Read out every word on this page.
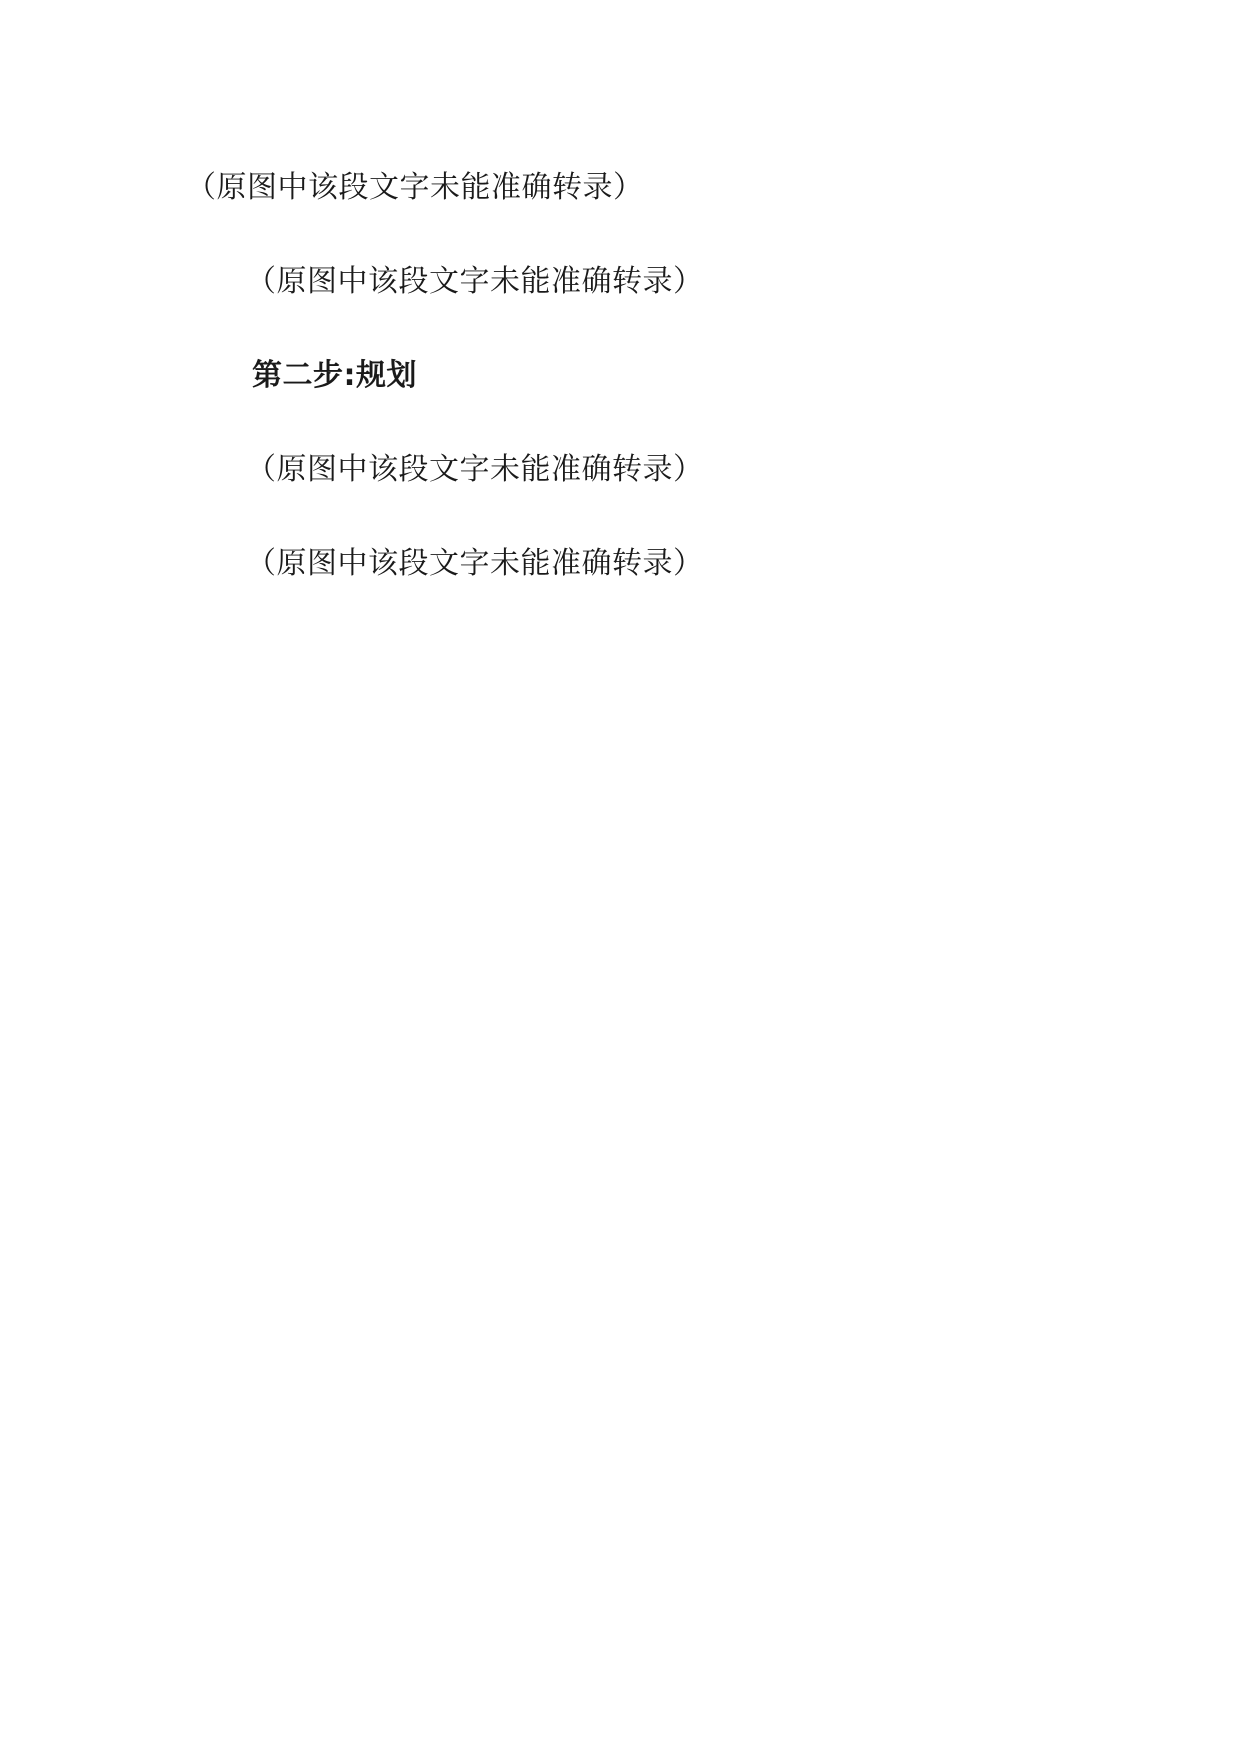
（原图中该段文字未能准确转录）

（原图中该段文字未能准确转录）

第二步:规划

（原图中该段文字未能准确转录）

（原图中该段文字未能准确转录）
